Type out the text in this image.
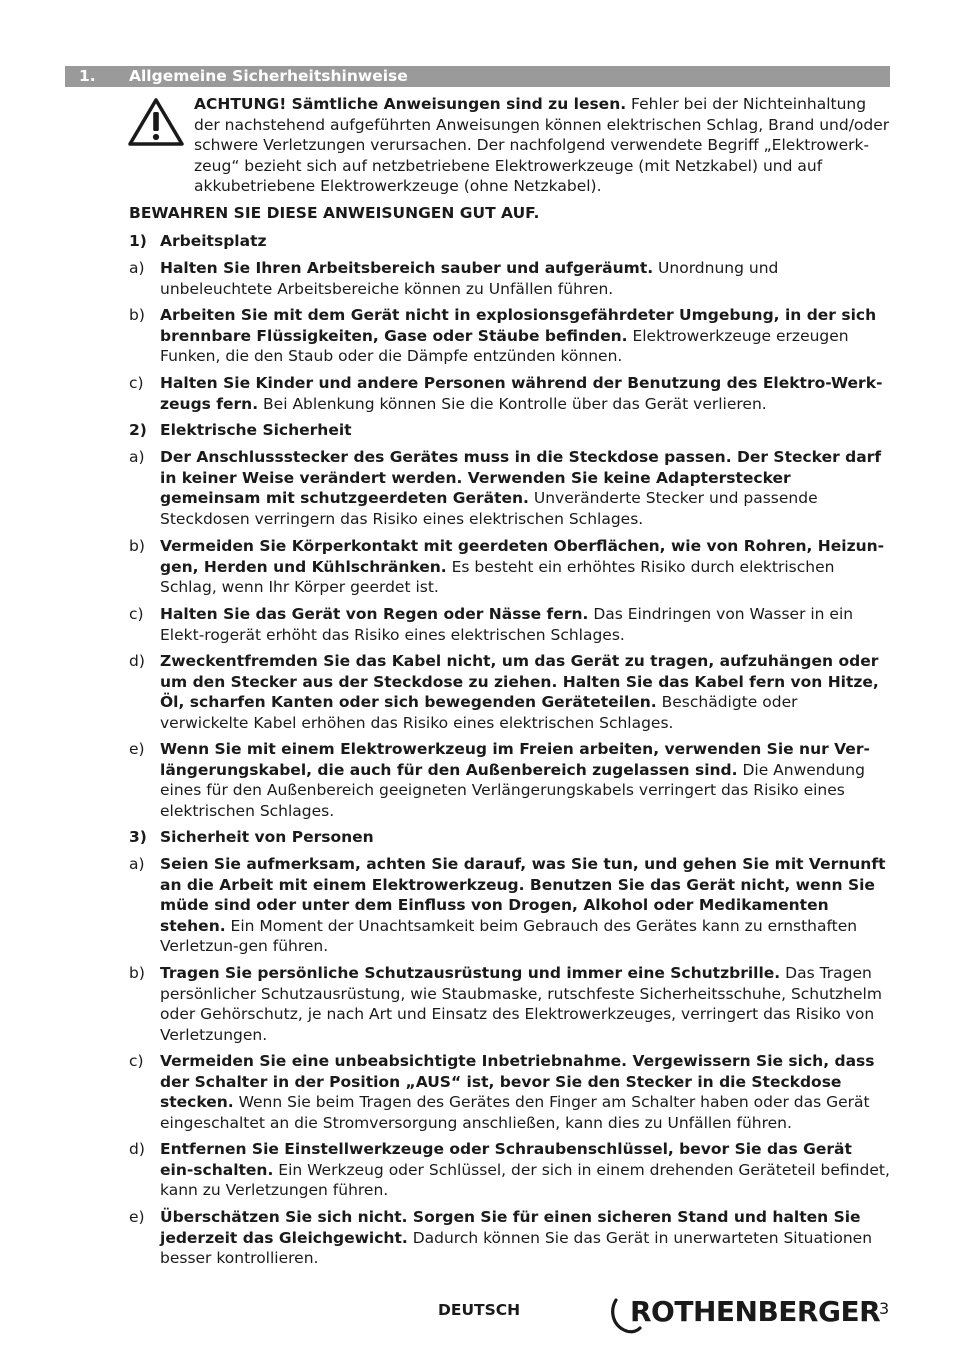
1. Allgemeine Sicherheitshinweise
ACHTUNG! Sämtliche Anweisungen sind zu lesen. Fehler bei der Nichteinhaltung der nachstehend aufgeführten Anweisungen können elektrischen Schlag, Brand und/oder schwere Verletzungen verursachen. Der nachfolgend verwendete Begriff „Elektrowerk-zeug“ bezieht sich auf netzbetriebene Elektrowerkzeuge (mit Netzkabel) und auf akkubetriebene Elektrowerkzeuge (ohne Netzkabel).
BEWAHREN SIE DIESE ANWEISUNGEN GUT AUF.
1) Arbeitsplatz
a) Halten Sie Ihren Arbeitsbereich sauber und aufgeräumt. Unordnung und unbeleuchtete Arbeitsbereiche können zu Unfällen führen.
b) Arbeiten Sie mit dem Gerät nicht in explosionsgefährdeter Umgebung, in der sich brennbare Flüssigkeiten, Gase oder Stäube befinden. Elektrowerkzeuge erzeugen Funken, die den Staub oder die Dämpfe entzünden können.
c) Halten Sie Kinder und andere Personen während der Benutzung des Elektro-Werk-zeugs fern. Bei Ablenkung können Sie die Kontrolle über das Gerät verlieren.
2) Elektrische Sicherheit
a) Der Anschlussstecker des Gerätes muss in die Steckdose passen. Der Stecker darf in keiner Weise verändert werden. Verwenden Sie keine Adapterstecker gemeinsam mit schutzgeerdeten Geräten. Unveränderte Stecker und passende Steckdosen verringern das Risiko eines elektrischen Schlages.
b) Vermeiden Sie Körperkontakt mit geerdeten Oberflächen, wie von Rohren, Heizun-gen, Herden und Kühlschränken. Es besteht ein erhöhtes Risiko durch elektrischen Schlag, wenn Ihr Körper geerdet ist.
c) Halten Sie das Gerät von Regen oder Nässe fern. Das Eindringen von Wasser in ein Elekt-rogerät erhöht das Risiko eines elektrischen Schlages.
d) Zweckentfremden Sie das Kabel nicht, um das Gerät zu tragen, aufzuhängen oder um den Stecker aus der Steckdose zu ziehen. Halten Sie das Kabel fern von Hitze, Öl, scharfen Kanten oder sich bewegenden Geräteteilen. Beschädigte oder verwickelte Kabel erhöhen das Risiko eines elektrischen Schlages.
e) Wenn Sie mit einem Elektrowerkzeug im Freien arbeiten, verwenden Sie nur Ver-längerungskabel, die auch für den Außenbereich zugelassen sind. Die Anwendung eines für den Außenbereich geeigneten Verlängerungskabels verringert das Risiko eines elektrischen Schlages.
3) Sicherheit von Personen
a) Seien Sie aufmerksam, achten Sie darauf, was Sie tun, und gehen Sie mit Vernunft an die Arbeit mit einem Elektrowerkzeug. Benutzen Sie das Gerät nicht, wenn Sie müde sind oder unter dem Einfluss von Drogen, Alkohol oder Medikamenten stehen. Ein Moment der Unachtsamkeit beim Gebrauch des Gerätes kann zu ernsthaften Verletzun-gen führen.
b) Tragen Sie persönliche Schutzausrüstung und immer eine Schutzbrille. Das Tragen persönlicher Schutzausrüstung, wie Staubmaske, rutschfeste Sicherheitsschuhe, Schutzhelm oder Gehörschutz, je nach Art und Einsatz des Elektrowerkzeuges, verringert das Risiko von Verletzungen.
c) Vermeiden Sie eine unbeabsichtigte Inbetriebnahme. Vergewissern Sie sich, dass der Schalter in der Position „AUS“ ist, bevor Sie den Stecker in die Steckdose stecken. Wenn Sie beim Tragen des Gerätes den Finger am Schalter haben oder das Gerät eingeschaltet an die Stromversorgung anschließen, kann dies zu Unfällen führen.
d) Entfernen Sie Einstellwerkzeuge oder Schraubenschlüssel, bevor Sie das Gerät ein-schalten. Ein Werkzeug oder Schlüssel, der sich in einem drehenden Geräteteil befindet, kann zu Verletzungen führen.
e) Überschätzen Sie sich nicht. Sorgen Sie für einen sicheren Stand und halten Sie jederzeit das Gleichgewicht. Dadurch können Sie das Gerät in unerwarteten Situationen besser kontrollieren.
DEUTSCH	ROTHENBERGER
3
